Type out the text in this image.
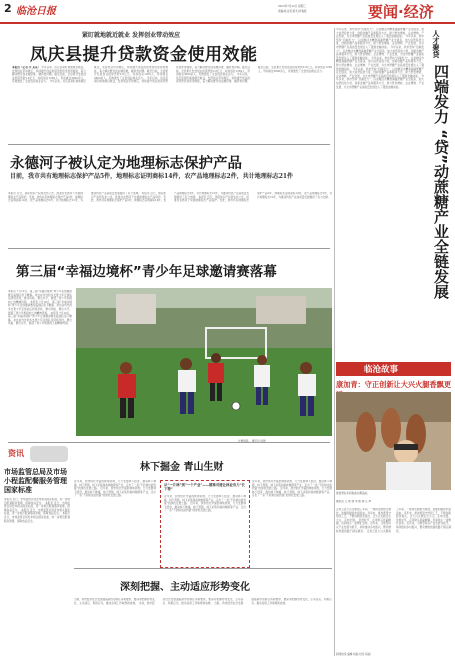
2 临沧日报	2023年7月22日 星期三
责编/杨文英 版式/李春燕	要闻·经济
紧盯就地就近就业 发挥创业带动效应
凤庆县提升贷款资金使用效能
本报讯（记者 李 某某） 今年以来，凤庆县紧盯就地就近就业，发挥创业带动效应，持续提升创业担保贷款资金使用效能，着力解决群众创业融资难、融资贵问题。截至目前，全县累计发放创业担保贷款2.8亿元，扶持创业1269人，带动就业3800余人，有效激发了全县创业就业活力。 今年以来，凤庆县紧盯就地就近就业，发挥创业带动效应，持续提升创业担保贷款资金使用效能，着力解决群众创业融资难、融资贵问题。截至目前，全县累计发放创业担保贷款2.8亿元，扶持创业1269人，带动就业3800余人，有效激发了全县创业就业活力。 今年以来，凤庆县紧盯就地就近就业，发挥创业带动效应，持续提升创业担保贷款资金使用效能，着力解决群众创业融资难、融资贵问题。截至目前，全县累计发放创业担保贷款2.8亿元，扶持创业1269人，带动就业3800余人，有效激发了全县创业就业活力。 今年以来，凤庆县紧盯就地就近就业，发挥创业带动效应，持续提升创业担保贷款资金使用效能，着力解决群众创业融资难、融资贵问题。截至目前，全县累计发放创业担保贷款2.8亿元，扶持创业1269人，带动就业3800余人，有效激发了全县创业就业活力。
永德河子被认定为地理标志保护产品
目前，我市共有地理标志保护产品5件，地理标志证明商标14件，农产品地理标志2件，共计地理标志21件
本报讯 近日，国家知识产权局发布公告，批准对永德河子实施地理标志产品保护。至此，我市共有地理标志保护产品5件，地理标志证明商标14件，农产品地理标志2件，共计地理标志21件，为推动特色产业高质量发展提供了有力支撑。 本报讯 近日，国家知识产权局发布公告，批准对永德河子实施地理标志产品保护。至此，我市共有地理标志保护产品5件，地理标志证明商标14件，农产品地理标志2件，共计地理标志21件，为推动特色产业高质量发展提供了有力支撑。 本报讯 近日，国家知识产权局发布公告，批准对永德河子实施地理标志产品保护。至此，我市共有地理标志保护产品5件，地理标志证明商标14件，农产品地理标志2件，共计地理标志21件，为推动特色产业高质量发展提供了有力支撑。
第三届“幸福边境杯”青少年足球邀请赛落幕
本报讯 7月19日，第三届“幸福边境杯”青少年足球邀请赛在临翔区落下帷幕。来自省内外的多支青少年足球队伍同场竞技，赛出风格、赛出水平，展现了青少年积极向上的精神风貌。 本报讯 7月19日，第三届“幸福边境杯”青少年足球邀请赛在临翔区落下帷幕。来自省内外的多支青少年足球队伍同场竞技，赛出风格、赛出水平，展现了青少年积极向上的精神风貌。 本报讯 7月19日，第三届“幸福边境杯”青少年足球邀请赛在临翔区落下帷幕。来自省内外的多支青少年足球队伍同场竞技，赛出风格、赛出水平，展现了青少年积极向上的精神风貌。
资讯
市场监管总局及市场小程监配餐服务管理国家标准
本报讯 近日，市场监管总局发布相关国家标准，进一步规范配餐服务管理，保障食品安全。 本报讯 近日，市场监管总局发布相关国家标准，进一步规范配餐服务管理，保障食品安全。 本报讯 近日，市场监管总局发布相关国家标准，进一步规范配餐服务管理，保障食品安全。 本报讯 近日，市场监管总局发布相关国家标准，进一步规范配餐服务管理，保障食品安全。
林下掘金 青山生财
近年来，我市依托丰富的林地资源，大力发展林下经济，推动林下种植、林下养殖、林下采集和森林旅游等产业，走出了一条“不砍树也能致富”的绿色发展之路。 近年来，我市依托丰富的林地资源，大力发展林下经济，推动林下种植、林下养殖、林下采集和森林旅游等产业，走出了一条“不砍树也能致富”的绿色发展之路。
从“一片林”到“一个产业”——精准对接让林业有力“长下帮”
近年来，我市依托丰富的林地资源，大力发展林下经济，推动林下种植、林下养殖、林下采集和森林旅游等产业，走出了一条“不砍树也能致富”的绿色发展之路。 近年来，我市依托丰富的林地资源，大力发展林下经济，推动林下种植、林下养殖、林下采集和森林旅游等产业，走出了一条“不砍树也能致富”的绿色发展之路。
近年来，我市依托丰富的林地资源，大力发展林下经济，推动林下种植、林下养殖、林下采集和森林旅游等产业，走出了一条“不砍树也能致富”的绿色发展之路。 近年来，我市依托丰富的林地资源，大力发展林下经济，推动林下种植、林下养殖、林下采集和森林旅游等产业，走出了一条“不砍树也能致富”的绿色发展之路。
深刻把握、主动适应形势变化
当前，我市经济社会发展面临新形势新任务新要求，要深刻把握形势变化，主动适应、积极应对，推动各项工作取得新成效。 当前，我市经济社会发展面临新形势新任务新要求，要深刻把握形势变化，主动适应、积极应对，推动各项工作取得新成效。 当前，我市经济社会发展面临新形势新任务新要求，要深刻把握形势变化，主动适应、积极应对，推动各项工作取得新成效。
今年以来，我市坚持“四端发力”，以金融活水精准滴灌蔗糖产业全链条，加大信贷投放力度，创新金融产品和服务方式，助力蔗农增收、企业增效、产业发展，为全市蔗糖产业高质量发展注入了强劲金融动能。 今年以来，我市坚持“四端发力”，以金融活水精准滴灌蔗糖产业全链条，加大信贷投放力度，创新金融产品和服务方式，助力蔗农增收、企业增效、产业发展，为全市蔗糖产业高质量发展注入了强劲金融动能。 今年以来，我市坚持“四端发力”，以金融活水精准滴灌蔗糖产业全链条，加大信贷投放力度，创新金融产品和服务方式，助力蔗农增收、企业增效、产业发展，为全市蔗糖产业高质量发展注入了强劲金融动能。 今年以来，我市坚持“四端发力”，以金融活水精准滴灌蔗糖产业全链条，加大信贷投放力度，创新金融产品和服务方式，助力蔗农增收、企业增效、产业发展，为全市蔗糖产业高质量发展注入了强劲金融动能。 今年以来，我市坚持“四端发力”，以金融活水精准滴灌蔗糖产业全链条，加大信贷投放力度，创新金融产品和服务方式，助力蔗农增收、企业增效、产业发展，为全市蔗糖产业高质量发展注入了强劲金融动能。 今年以来，我市坚持“四端发力”，以金融活水精准滴灌蔗糖产业全链条，加大信贷投放力度，创新金融产品和服务方式，助力蔗农增收、企业增效、产业发展，为全市蔗糖产业高质量发展注入了强劲金融动能。
人才聚贷
四端发力 “贷”动蔗糖产业全链发展
临沧故事
康加青：守正创新让大兴火腿香飘更
康加青在车间查看火腿品质。
通讯员 艾 伟 徐 木 凯 杨 立 翠
走进云县大兴火腿加工车间，一排排火腿整齐悬挂，浓郁的腊香扑面而来。多年来，康加青坚守传统工艺，不断创新经营模式，让大兴火腿走出大山、走向全国。 金秋时节，走进耿马县勐撒镇，田间地头一派繁忙景象。近年来，当地坚持以产业发展为抓手，持续推动乡村振兴，群众增收致富的路子越走越宽。 走进云县大兴火腿加工车间，一排排火腿整齐悬挂，浓郁的腊香扑面而来。多年来，康加青坚守传统工艺，不断创新经营模式，让大兴火腿走出大山、走向全国。 金秋时节，走进耿马县勐撒镇，田间地头一派繁忙景象。近年来，当地坚持以产业发展为抓手，持续推动乡村振兴，群众增收致富的路子越走越宽。
新闻热线 编辑 杨丽 校对 杨丽
